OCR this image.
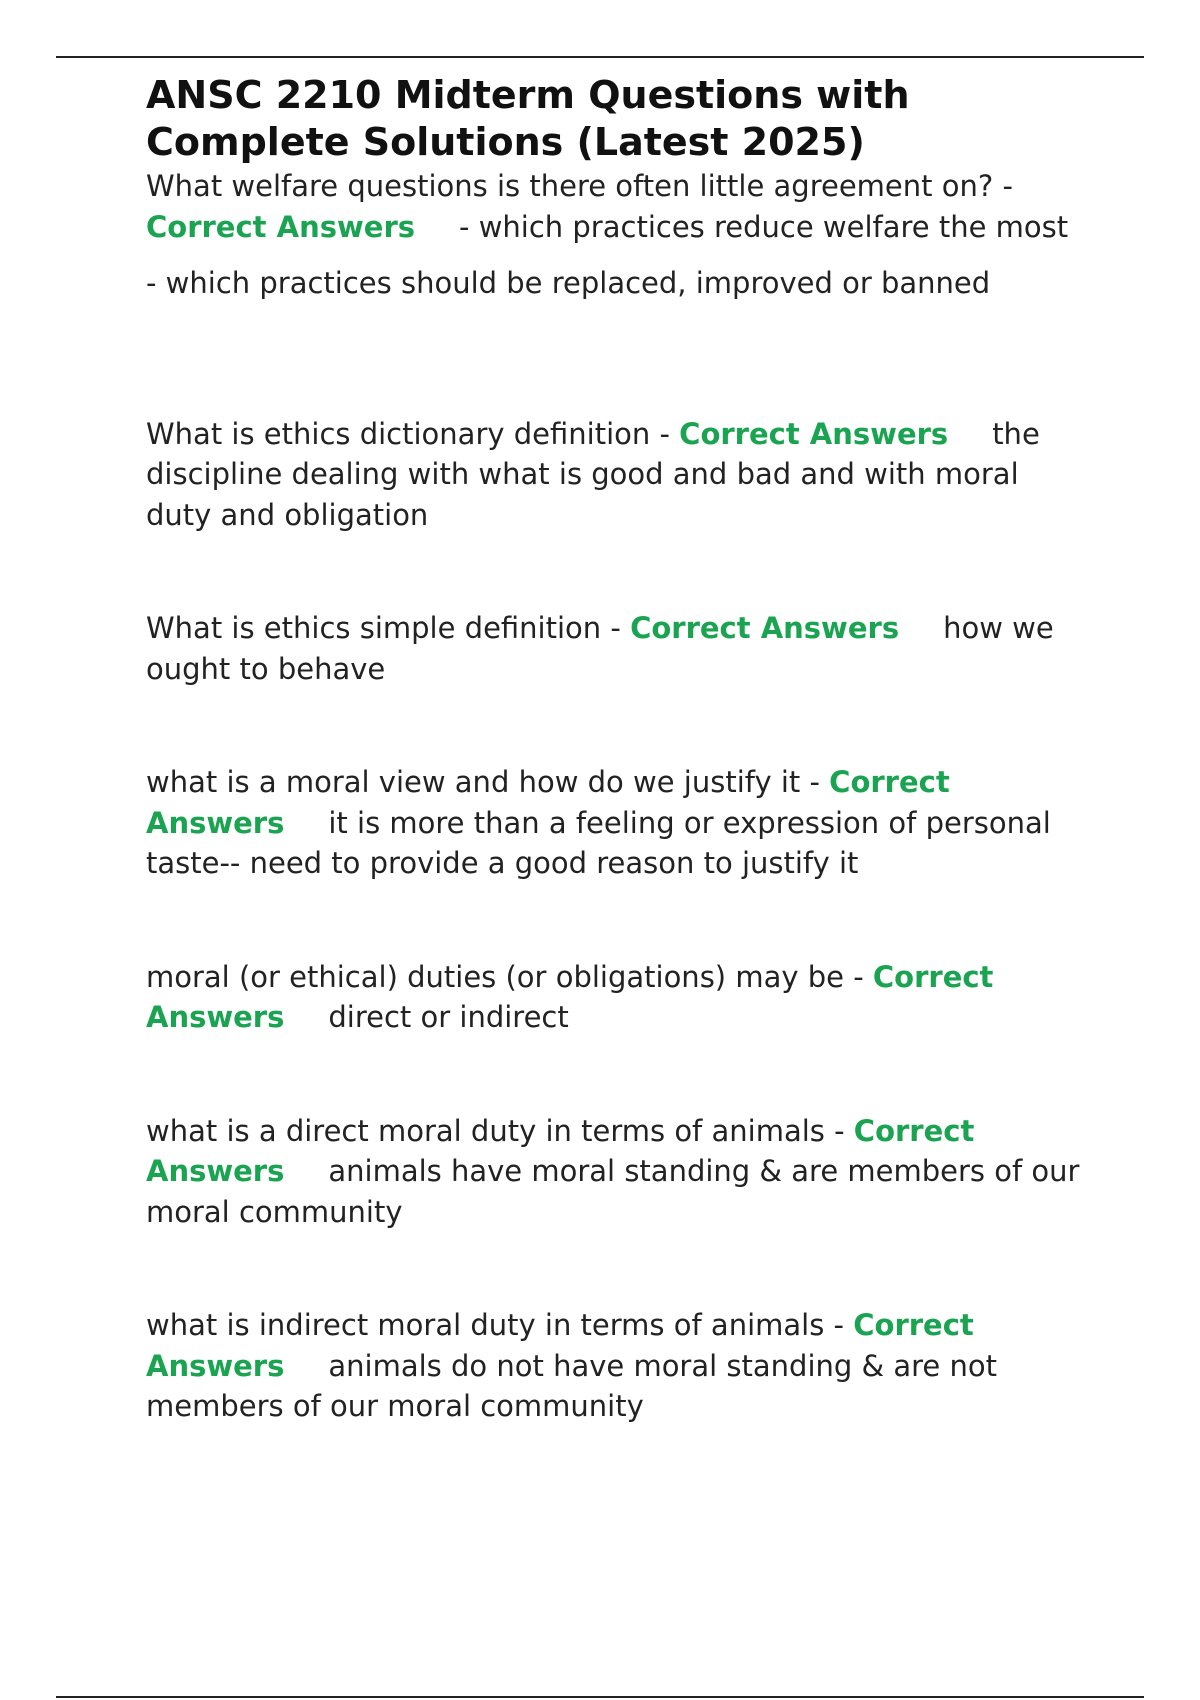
ANSC 2210 Midterm Questions with Complete Solutions (Latest 2025)

What welfare questions is there often little agreement on? - Correct Answers - which practices reduce welfare the most

- which practices should be replaced, improved or banned

What is ethics dictionary definition - Correct Answers the discipline dealing with what is good and bad and with moral duty and obligation

What is ethics simple definition - Correct Answers how we ought to behave

what is a moral view and how do we justify it - Correct Answers it is more than a feeling or expression of personal taste-- need to provide a good reason to justify it

moral (or ethical) duties (or obligations) may be - Correct Answers direct or indirect

what is a direct moral duty in terms of animals - Correct Answers animals have moral standing & are members of our moral community

what is indirect moral duty in terms of animals - Correct Answers animals do not have moral standing & are not members of our moral community
